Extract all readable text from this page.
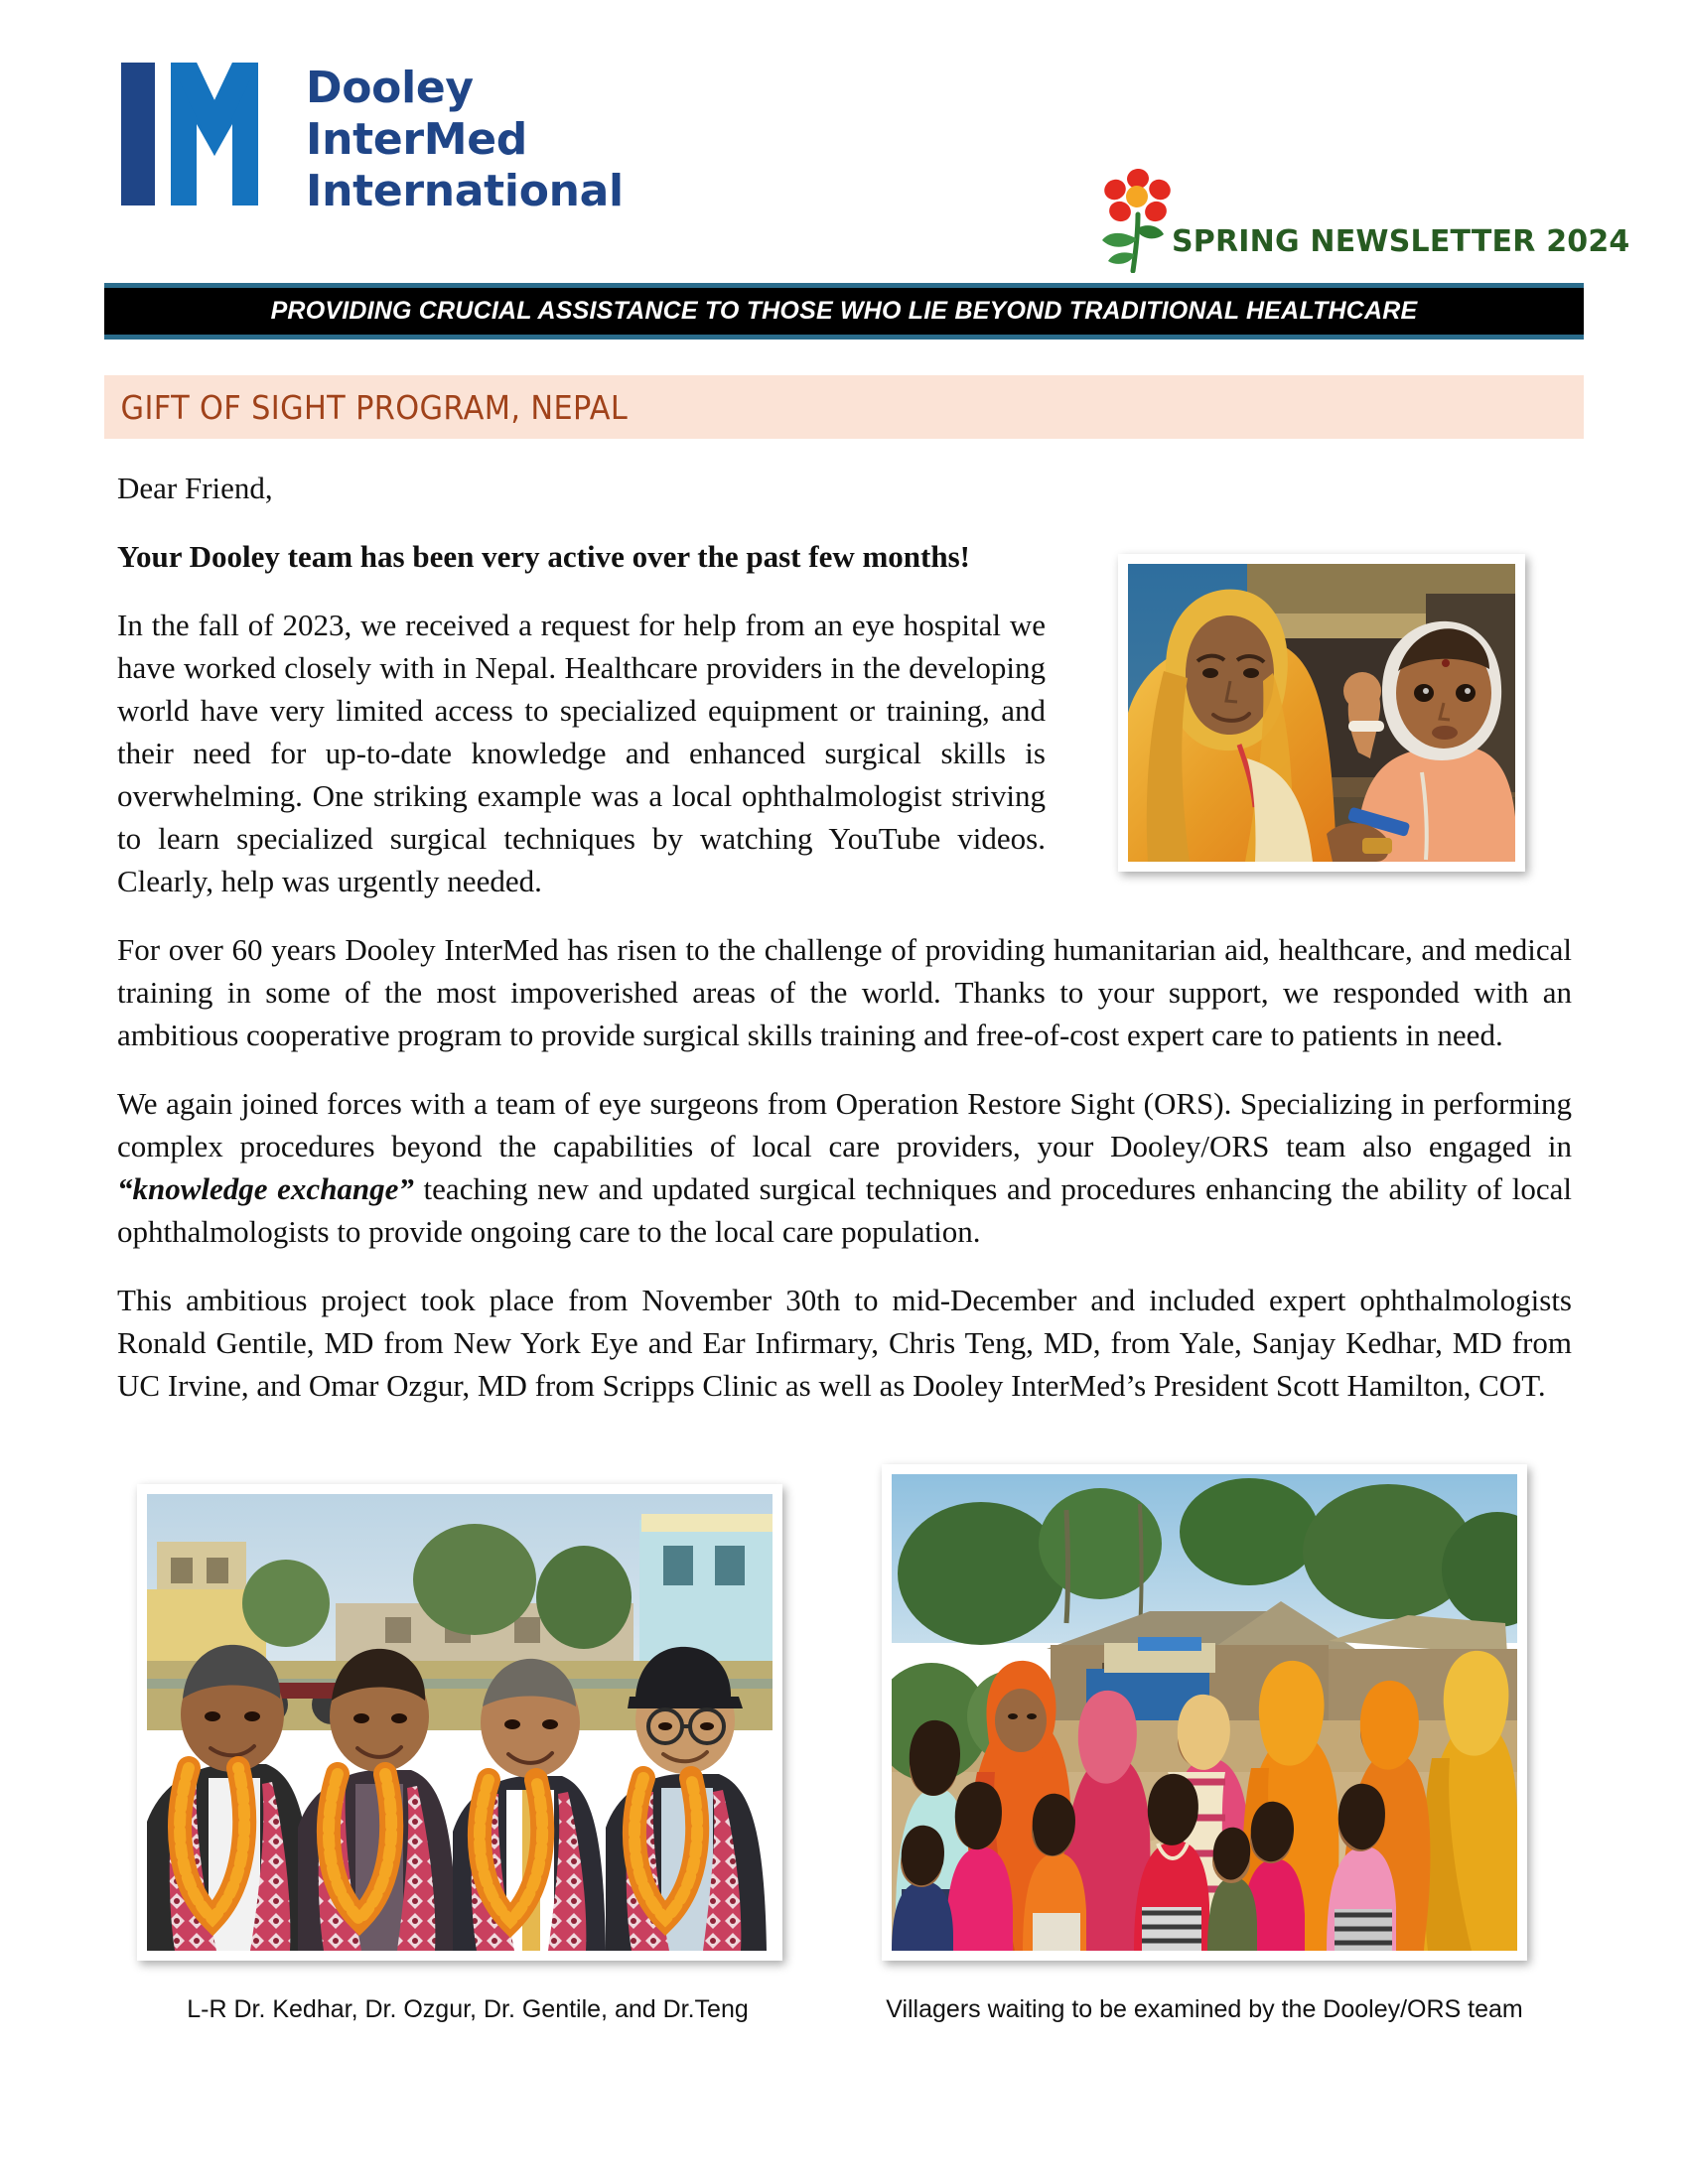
Dooley
InterMed
International
SPRING NEWSLETTER 2024
PROVIDING CRUCIAL ASSISTANCE TO THOSE WHO LIE BEYOND TRADITIONAL HEALTHCARE
GIFT OF SIGHT PROGRAM, NEPAL

Dear Friend,

Your Dooley team has been very active over the past few months!

In the fall of 2023, we received a request for help from an eye hospital we have worked closely with in Nepal. Healthcare providers in the developing world have very limited access to specialized equipment or training, and their need for up-to-date knowledge and enhanced surgical skills is overwhelming. One striking example was a local ophthalmologist striving to learn specialized surgical techniques by watching YouTube videos. Clearly, help was urgently needed.

For over 60 years Dooley InterMed has risen to the challenge of providing humanitarian aid, healthcare, and medical training in some of the most impoverished areas of the world. Thanks to your support, we responded with an ambitious cooperative program to provide surgical skills training and free-of-cost expert care to patients in need.

We again joined forces with a team of eye surgeons from Operation Restore Sight (ORS). Specializing in performing complex procedures beyond the capabilities of local care providers, your Dooley/ORS team also engaged in “knowledge exchange” teaching new and updated surgical techniques and procedures enhancing the ability of local ophthalmologists to provide ongoing care to the local care population.

This ambitious project took place from November 30th to mid-December and included expert ophthalmologists Ronald Gentile, MD from New York Eye and Ear Infirmary, Chris Teng, MD, from Yale, Sanjay Kedhar, MD from UC Irvine, and Omar Ozgur, MD from Scripps Clinic as well as Dooley InterMed’s President Scott Hamilton, COT.

L-R Dr. Kedhar, Dr. Ozgur, Dr. Gentile, and Dr.Teng	Villagers waiting to be examined by the Dooley/ORS team
